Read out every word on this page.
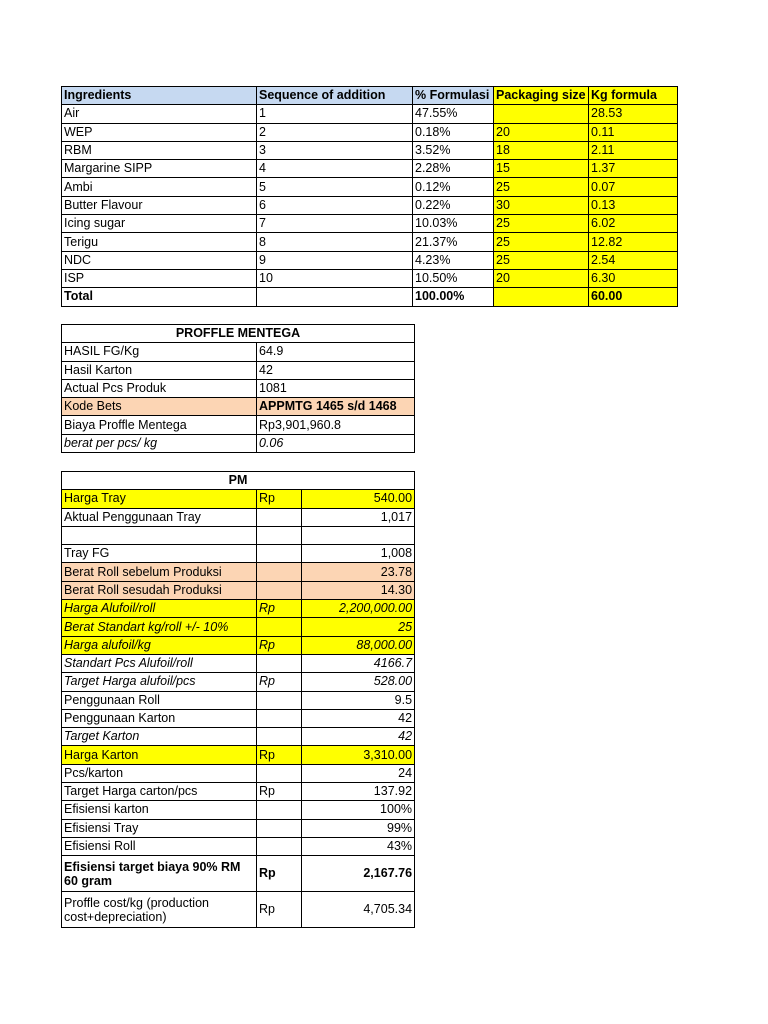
Ingredients	Sequence of addition	% Formulasi	Packaging size	Kg formula
Air	1	47.55%		28.53
WEP	2	0.18%	20	0.11
RBM	3	3.52%	18	2.11
Margarine SIPP	4	2.28%	15	1.37
Ambi	5	0.12%	25	0.07
Butter Flavour	6	0.22%	30	0.13
Icing sugar	7	10.03%	25	6.02
Terigu	8	21.37%	25	12.82
NDC	9	4.23%	25	2.54
ISP	10	10.50%	20	6.30
Total		100.00%		60.00
PROFFLE MENTEGA	
HASIL FG/Kg	64.9
Hasil Karton	42
Actual Pcs Produk	1081
Kode Bets	APPMTG 1465 s/d 1468
Biaya Proffle Mentega	Rp3,901,960.8
berat per pcs/ kg	0.06
PM		
Harga Tray	Rp	540.00
Aktual Penggunaan Tray		1,017

Tray FG		1,008
Berat Roll sebelum Produksi		23.78
Berat Roll sesudah Produksi		14.30
Harga Alufoil/roll	Rp	2,200,000.00
Berat Standart kg/roll +/- 10%		25
Harga alufoil/kg	Rp	88,000.00
Standart Pcs Alufoil/roll		4166.7
Target Harga alufoil/pcs	Rp	528.00
Penggunaan Roll		9.5
Penggunaan Karton		42
Target Karton		42
Harga Karton	Rp	3,310.00
Pcs/karton		24
Target Harga carton/pcs	Rp	137.92
Efisiensi karton		100%
Efisiensi Tray		99%
Efisiensi Roll		43%
Efisiensi target biaya 90% RM 60 gram	Rp	2,167.76
Proffle cost/kg (production cost+depreciation)	Rp	4,705.34
